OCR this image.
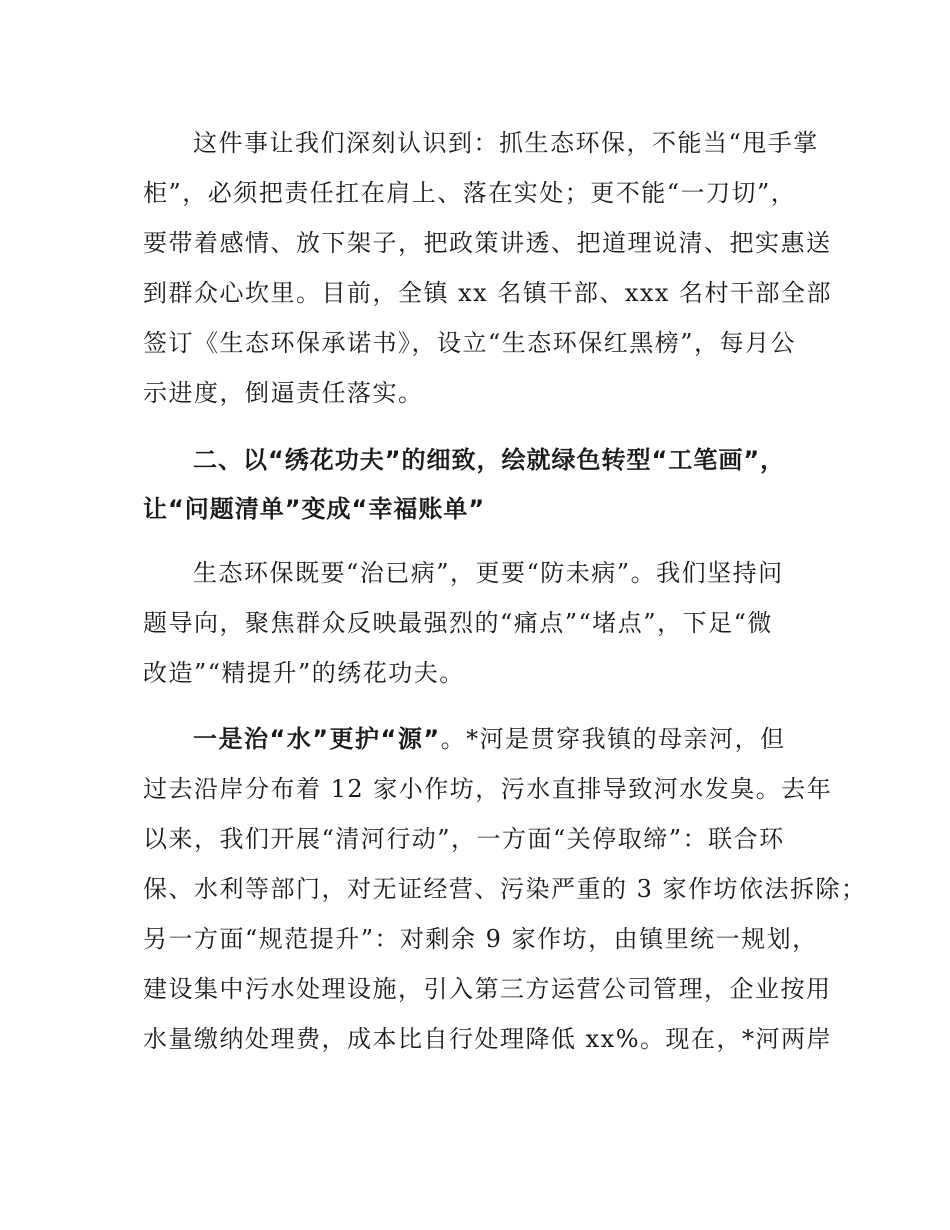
这件事让我们深刻认识到：抓生态环保，不能当“甩手掌
柜”，必须把责任扛在肩上、落在实处；更不能“一刀切”，
要带着感情、放下架子，把政策讲透、把道理说清、把实惠送
到群众心坎里。目前，全镇 xx 名镇干部、xxx 名村干部全部
签订《生态环保承诺书》，设立“生态环保红黑榜”，每月公
示进度，倒逼责任落实。
二、以“绣花功夫”的细致，绘就绿色转型“工笔画”，
让“问题清单”变成“幸福账单”
生态环保既要“治已病”，更要“防未病”。我们坚持问
题导向，聚焦群众反映最强烈的“痛点”“堵点”，下足“微
改造”“精提升”的绣花功夫。
一是治“水”更护“源”。*河是贯穿我镇的母亲河，但
过去沿岸分布着 12 家小作坊，污水直排导致河水发臭。去年
以来，我们开展“清河行动”，一方面“关停取缔”：联合环
保、水利等部门，对无证经营、污染严重的 3 家作坊依法拆除；
另一方面“规范提升”：对剩余 9 家作坊，由镇里统一规划，
建设集中污水处理设施，引入第三方运营公司管理，企业按用
水量缴纳处理费，成本比自行处理降低 xx%。现在，*河两岸
